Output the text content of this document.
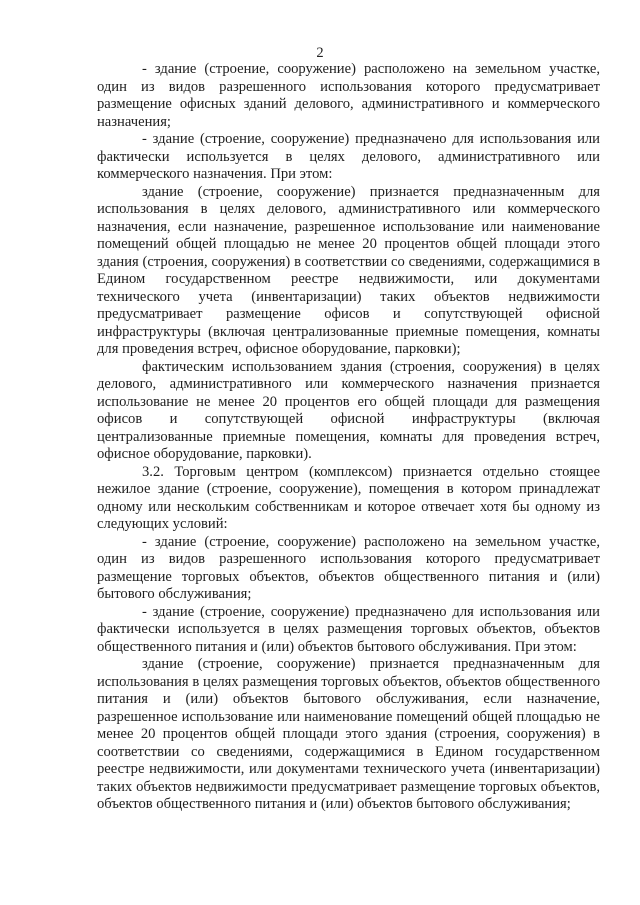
2

- здание (строение, сооружение) расположено на земельном участке, один из видов разрешенного использования которого предусматривает размещение офисных зданий делового, административного и коммерческого назначения;

- здание (строение, сооружение) предназначено для использования или фактически используется в целях делового, административного или коммерческого назначения. При этом:

здание (строение, сооружение) признается предназначенным для использования в целях делового, административного или коммерческого назначения, если назначение, разрешенное использование или наименование помещений общей площадью не менее 20 процентов общей площади этого здания (строения, сооружения) в соответствии со сведениями, содержащимися в Едином государственном реестре недвижимости, или документами технического учета (инвентаризации) таких объектов недвижимости предусматривает размещение офисов и сопутствующей офисной инфраструктуры (включая централизованные приемные помещения, комнаты для проведения встреч, офисное оборудование, парковки);

фактическим использованием здания (строения, сооружения) в целях делового, административного или коммерческого назначения признается использование не менее 20 процентов его общей площади для размещения офисов и сопутствующей офисной инфраструктуры (включая централизованные приемные помещения, комнаты для проведения встреч, офисное оборудование, парковки).

3.2. Торговым центром (комплексом) признается отдельно стоящее нежилое здание (строение, сооружение), помещения в котором принадлежат одному или нескольким собственникам и которое отвечает хотя бы одному из следующих условий:

- здание (строение, сооружение) расположено на земельном участке, один из видов разрешенного использования которого предусматривает размещение торговых объектов, объектов общественного питания и (или) бытового обслуживания;

- здание (строение, сооружение) предназначено для использования или фактически используется в целях размещения торговых объектов, объектов общественного питания и (или) объектов бытового обслуживания. При этом:

здание (строение, сооружение) признается предназначенным для использования в целях размещения торговых объектов, объектов общественного питания и (или) объектов бытового обслуживания, если назначение, разрешенное использование или наименование помещений общей площадью не менее 20 процентов общей площади этого здания (строения, сооружения) в соответствии со сведениями, содержащимися в Едином государственном реестре недвижимости, или документами технического учета (инвентаризации) таких объектов недвижимости предусматривает размещение торговых объектов, объектов общественного питания и (или) объектов бытового обслуживания;
